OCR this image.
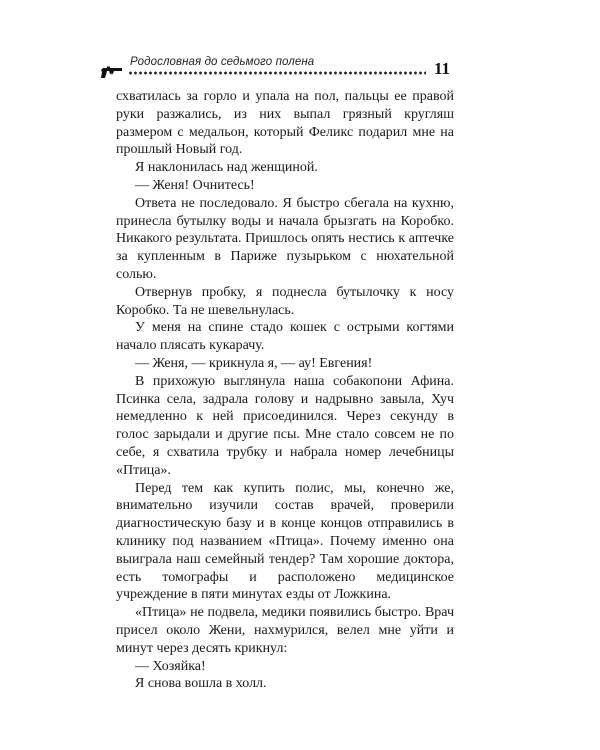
Родословная до седьмого полена	11

схватилась за горло и упала на пол, пальцы ее правой руки разжались, из них выпал грязный кругляш размером с медальон, который Феликс подарил мне на прошлый Новый год.

Я наклонилась над женщиной.

— Женя! Очнитесь!

Ответа не последовало. Я быстро сбегала на кухню, принесла бутылку воды и начала брызгать на Коробко. Никакого результата. Пришлось опять нестись к аптечке за купленным в Париже пузырьком с нюхательной солью.

Отвернув пробку, я поднесла бутылочку к носу Коробко. Та не шевельнулась.

У меня на спине стадо кошек с острыми когтями начало плясать кукарачу.

— Женя, — крикнула я, — ау! Евгения!

В прихожую выглянула наша собакопони Афина. Псинка села, задрала голову и надрывно завыла, Хуч немедленно к ней присоединился. Через секунду в голос зарыдали и другие псы. Мне стало совсем не по себе, я схватила трубку и набрала номер лечебницы «Птица».

Перед тем как купить полис, мы, конечно же, внимательно изучили состав врачей, проверили диагностическую базу и в конце концов отправились в клинику под названием «Птица». Почему именно она выиграла наш семейный тендер? Там хорошие доктора, есть томографы и расположено медицинское учреждение в пяти минутах езды от Ложкина.

«Птица» не подвела, медики появились быстро. Врач присел около Жени, нахмурился, велел мне уйти и минут через десять крикнул:

— Хозяйка!

Я снова вошла в холл.
